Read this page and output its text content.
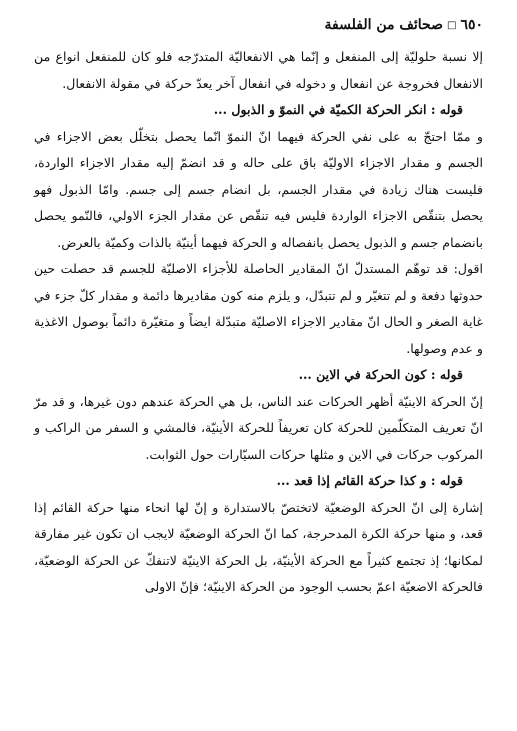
٦٥٠
□
صحائف من الفلسفة

إلا نسبة حلوليّة إلى المنفعل و إنّما هي الانفعاليّة المتدرّجه فلو كان للمنفعل انواع من الانفعال فخروجة عن انفعال و دخوله في انفعال آخر يعدّ حركة في مقولة الانفعال.

قوله : انكر الحركة الكميّة في النموّ و الذبول ...

و ممّا احتجّ به على نفي الحركة فيهما انّ النموّ انّما يحصل بتخلّل بعض الاجزاء في الجسم و مقدار الاجزاء الاوليّة باق على حاله و قد انضمّ إليه مقدار الاجزاء الواردة، فليست هناك زيادة في مقدار الجسم، بل انضام جسم إلى جسم. وامّا الذبول فهو يحصل بتنقّص الاجزاء الواردة فليس فيه تنقّص عن مقدار الجزء الاولي، فالنّمو يحصل بانضمام جسم و الذبول يحصل بانفصاله و الحركة فيهما أينيّة بالذات وكميّة بالعرض.

اقول: قد توهّم المستدلّ انّ المقادير الحاصلة للأجزاء الاصليّة للجسم قد حصلت حين حدوثها دفعة و لم تتغيّر و لم تتبدّل، و يلزم منه كون مقاديرها دائمة و مقدار كلّ جزء في غاية الصغر و الحال انّ مقادير الاجزاء الاصليّة متبدّلة ايضاً و متغيّرة دائماً بوصول الاغذية و عدم وصولها.

قوله : كون الحركة في الاين ...

إنّ الحركة الاينيّة أظهر الحركات عند الناس، بل هي الحركة عندهم دون غيرها، و قد مرّ انّ تعريف المتكلّمين للحركة كان تعريفاً للحركة الأينيّة، فالمشي و السفر من الراكب و المركوب حركات في الاين و مثلها حركات السيّارات حول الثوابت.

قوله : و كذا حركة القائم إذا قعد ...

إشارة إلى انّ الحركة الوضعيّة لاتختصّ بالاستدارة و إنّ لها انحاء منها حركة القائم إذا قعد، و منها حركة الكرة المدحرجة، كما انّ الحركة الوضعيّة لايجب ان تكون غير مفارقة لمكانها؛ إذ تجتمع كثيراً مع الحركة الأينيّة، بل الحركة الاينيّة لاتنفكّ عن الحركة الوضعيّة، فالحركة الاضعيّة اعمّ بحسب الوجود من الحركة الاينيّة؛ فإنّ الاولى
